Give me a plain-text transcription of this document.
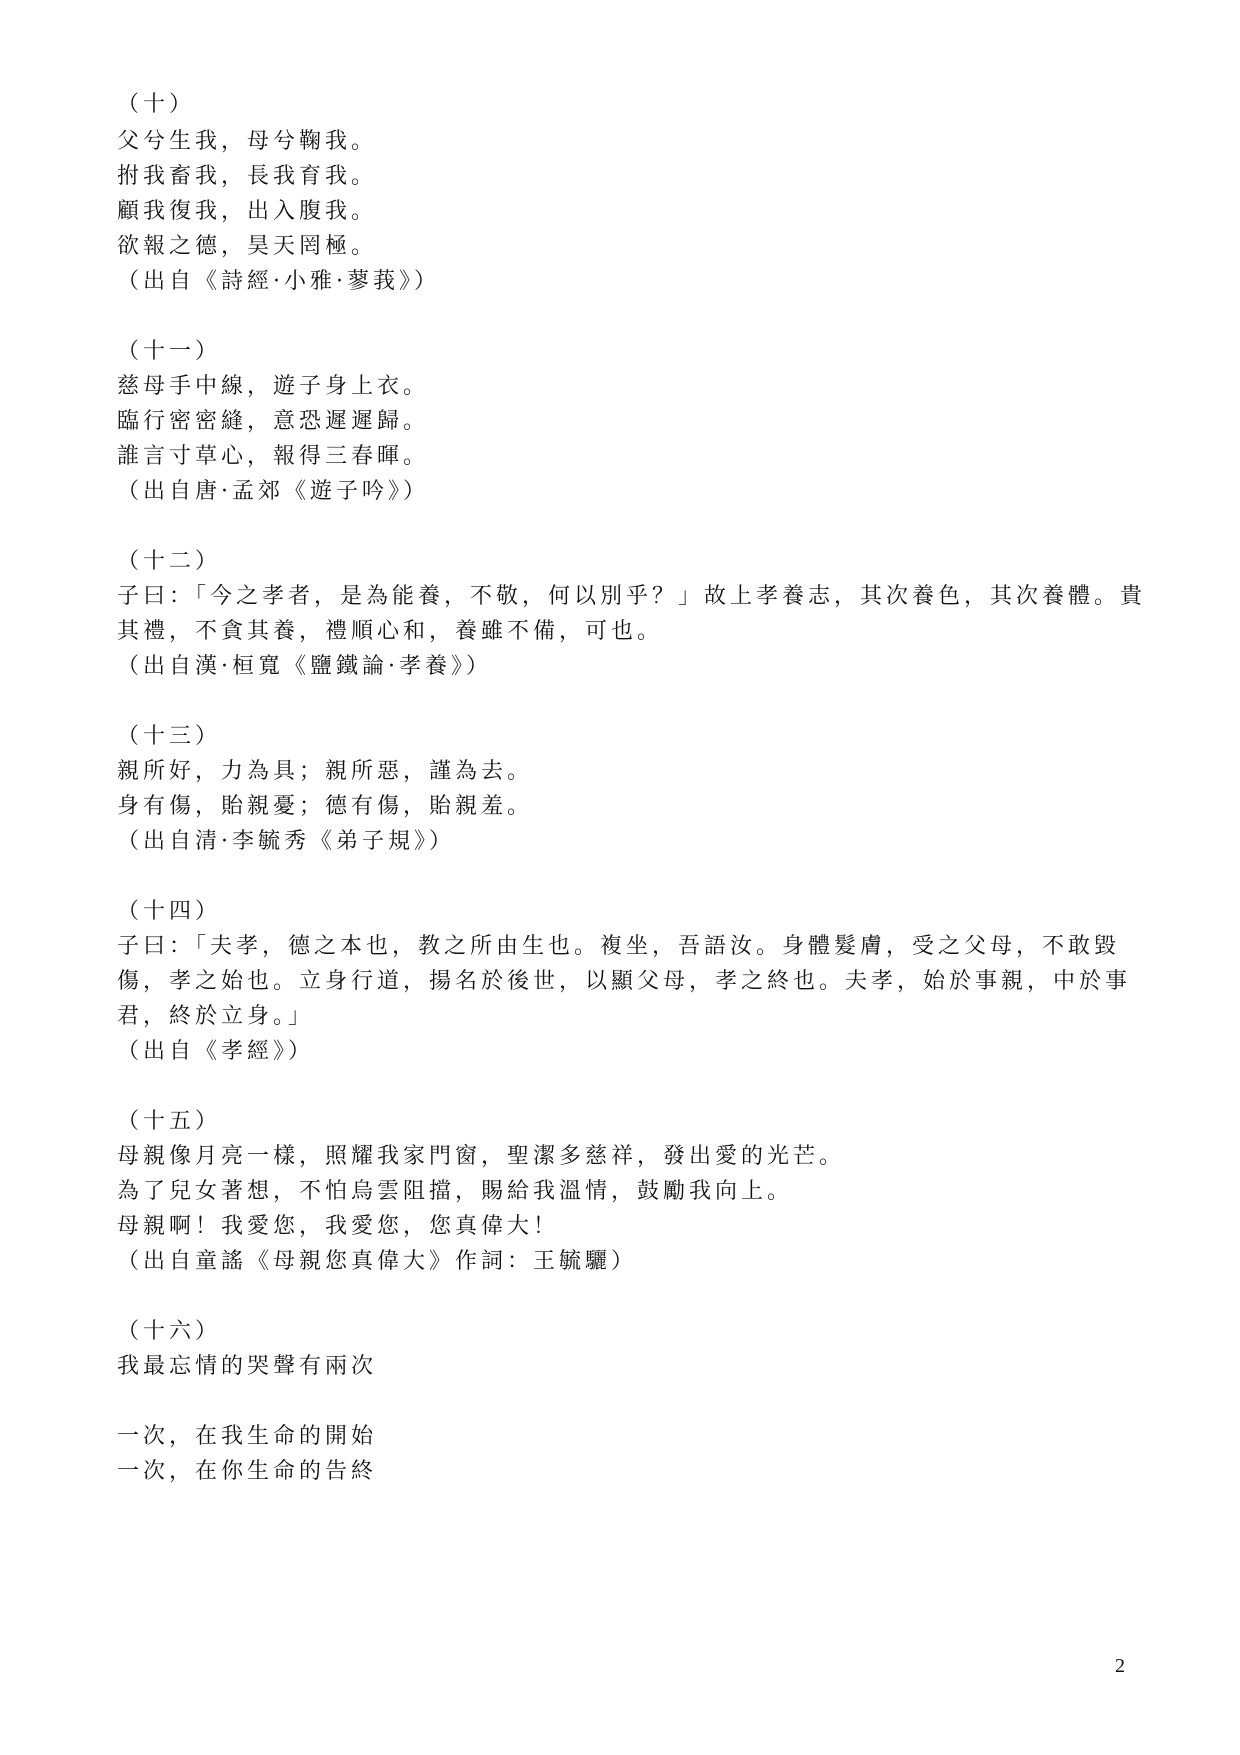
（十）
父兮生我，母兮鞠我。
拊我畜我，長我育我。
顧我復我，出入腹我。
欲報之德，昊天罔極。
（出自《詩經·小雅·蓼莪》）
（十一）
慈母手中線，遊子身上衣。
臨行密密縫，意恐遲遲歸。
誰言寸草心，報得三春暉。
（出自唐·孟郊《遊子吟》）
（十二）
子曰：「今之孝者，是為能養，不敬，何以別乎？」故上孝養志，其次養色，其次養體。貴
其禮，不貪其養，禮順心和，養雖不備，可也。
（出自漢·桓寬《鹽鐵論·孝養》）
（十三）
親所好，力為具；親所惡，謹為去。
身有傷，貽親憂；德有傷，貽親羞。
（出自清·李毓秀《弟子規》）
（十四）
子曰：「夫孝，德之本也，教之所由生也。複坐，吾語汝。身體髮膚，受之父母，不敢毀
傷，孝之始也。立身行道，揚名於後世，以顯父母，孝之終也。夫孝，始於事親，中於事
君，終於立身。」
（出自《孝經》）
（十五）
母親像月亮一樣，照耀我家門窗，聖潔多慈祥，發出愛的光芒。
為了兒女著想，不怕烏雲阻擋，賜給我溫情，鼓勵我向上。
母親啊！我愛您，我愛您，您真偉大！
（出自童謠《母親您真偉大》作詞：王毓驪）
（十六）
我最忘情的哭聲有兩次
一次，在我生命的開始
一次，在你生命的告終
2
